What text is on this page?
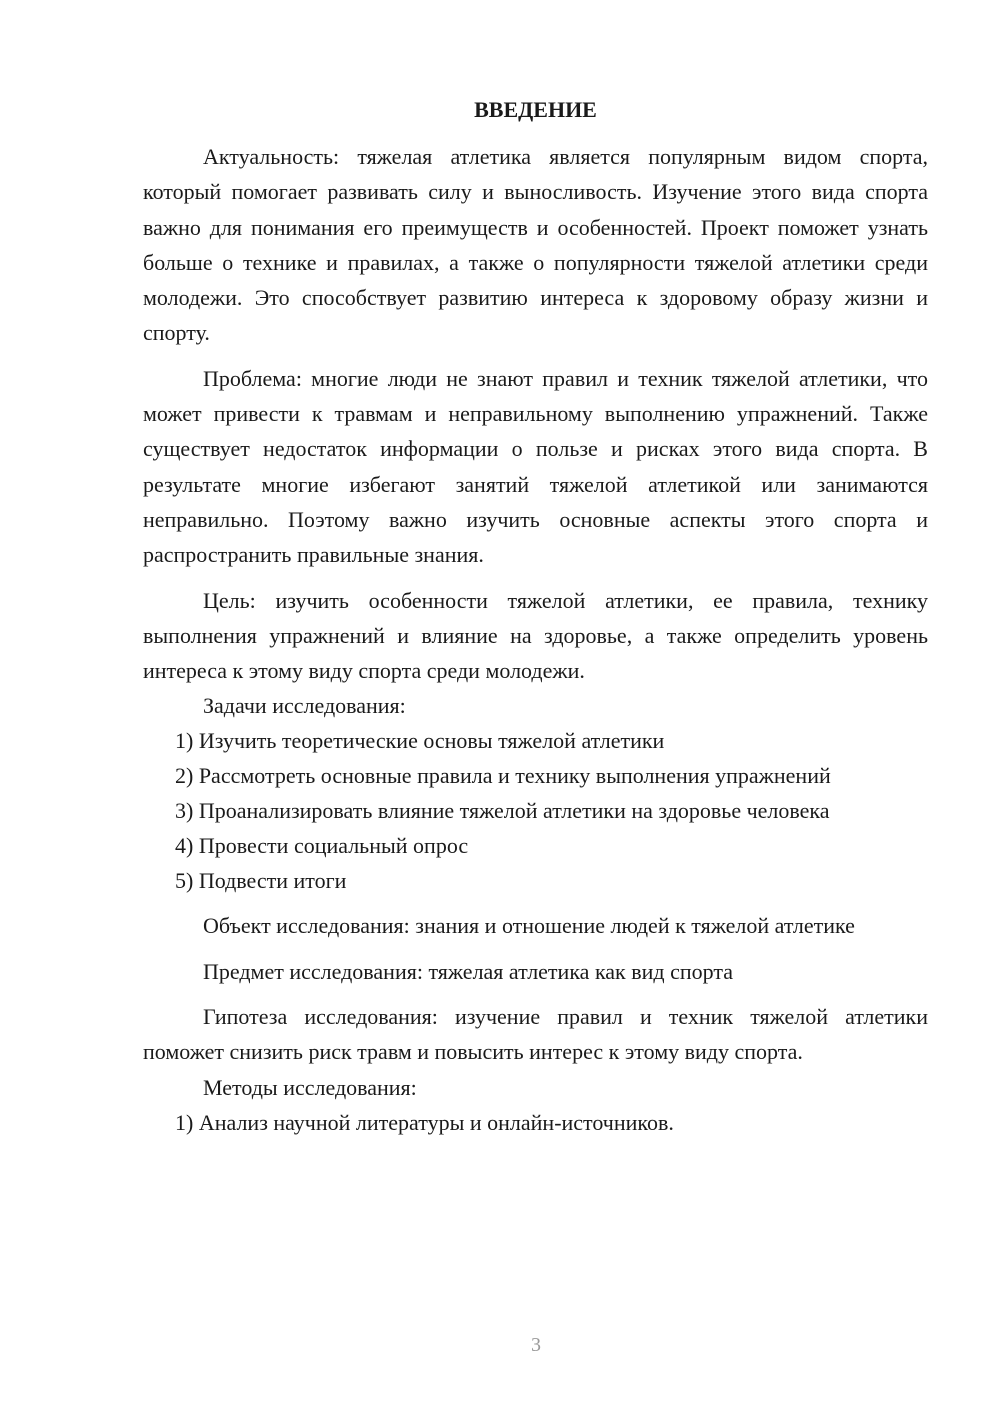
ВВЕДЕНИЕ

Актуальность: тяжелая атлетика является популярным видом спорта, который помогает развивать силу и выносливость. Изучение этого вида спорта важно для понимания его преимуществ и особенностей. Проект поможет узнать больше о технике и правилах, а также о популярности тяжелой атлетики среди молодежи. Это способствует развитию интереса к здоровому образу жизни и спорту.

Проблема: многие люди не знают правил и техник тяжелой атлетики, что может привести к травмам и неправильному выполнению упражнений. Также существует недостаток информации о пользе и рисках этого вида спорта. В результате многие избегают занятий тяжелой атлетикой или занимаются неправильно. Поэтому важно изучить основные аспекты этого спорта и распространить правильные знания.

Цель: изучить особенности тяжелой атлетики, ее правила, технику выполнения упражнений и влияние на здоровье, а также определить уровень интереса к этому виду спорта среди молодежи.

Задачи исследования:

1) Изучить теоретические основы тяжелой атлетики

2) Рассмотреть основные правила и технику выполнения упражнений

3) Проанализировать влияние тяжелой атлетики на здоровье человека

4) Провести социальный опрос

5) Подвести итоги

Объект исследования: знания и отношение людей к тяжелой атлетике

Предмет исследования: тяжелая атлетика как вид спорта

Гипотеза исследования: изучение правил и техник тяжелой атлетики поможет снизить риск травм и повысить интерес к этому виду спорта.

Методы исследования:

1) Анализ научной литературы и онлайн-источников.

3
